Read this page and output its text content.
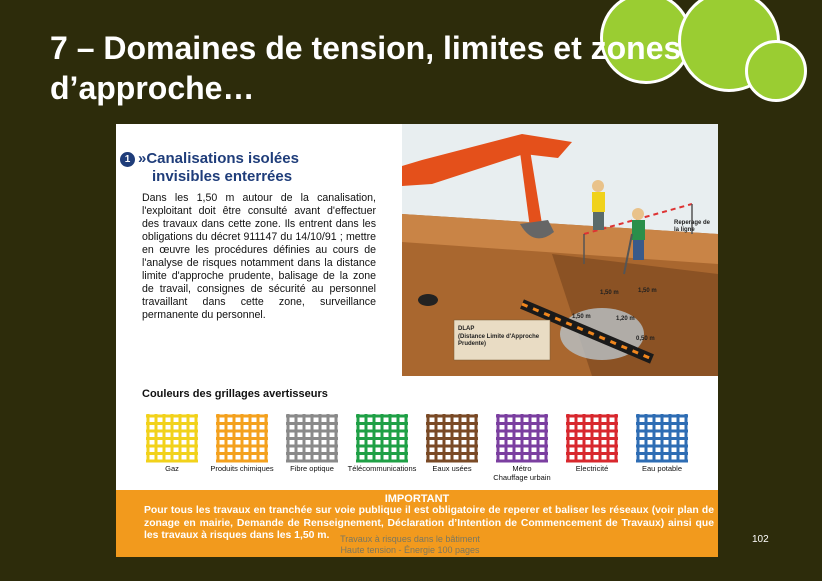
7 – Domaines de tension, limites et zones d’approche…
Reperage de la ligne
1,50 m	1,50 m
1,20 m
0,50 m
1,50 m
DLAP
(Distance Limite d'Approche Prudente)
1 »Canalisations isolées
invisibles enterrées

Dans les 1,50 m autour de la canalisation, l'exploitant doit être consulté avant d'effectuer des travaux dans cette zone. Ils entrent dans les obligations du décret 911147 du 14/10/91 ; mettre en œuvre les procédures définies au cours de l'analyse de risques notamment dans la distance limite d'approche prudente, balisage de la zone de travail, consignes de sécurité au personnel travaillant dans cette zone, surveillance permanente du personnel.

Couleurs des grillages avertisseurs
Gaz	Produits chimiques	Fibre optique	Télécommunications	Eaux usées	Métro
Chauffage urbain
Electricité	Eau potable
IMPORTANT

Pour tous les travaux en tranchée sur voie publique il est obligatoire de reperer et baliser les réseaux (voir plan de zonage en mairie, Demande de Renseignement, Déclaration d’Intention de Commencement de Travaux) ainsi que les travaux à risques dans les 1,50 m.	Travaux à risques dans le bâtiment
Haute tension - Énergie 100 pages
102
